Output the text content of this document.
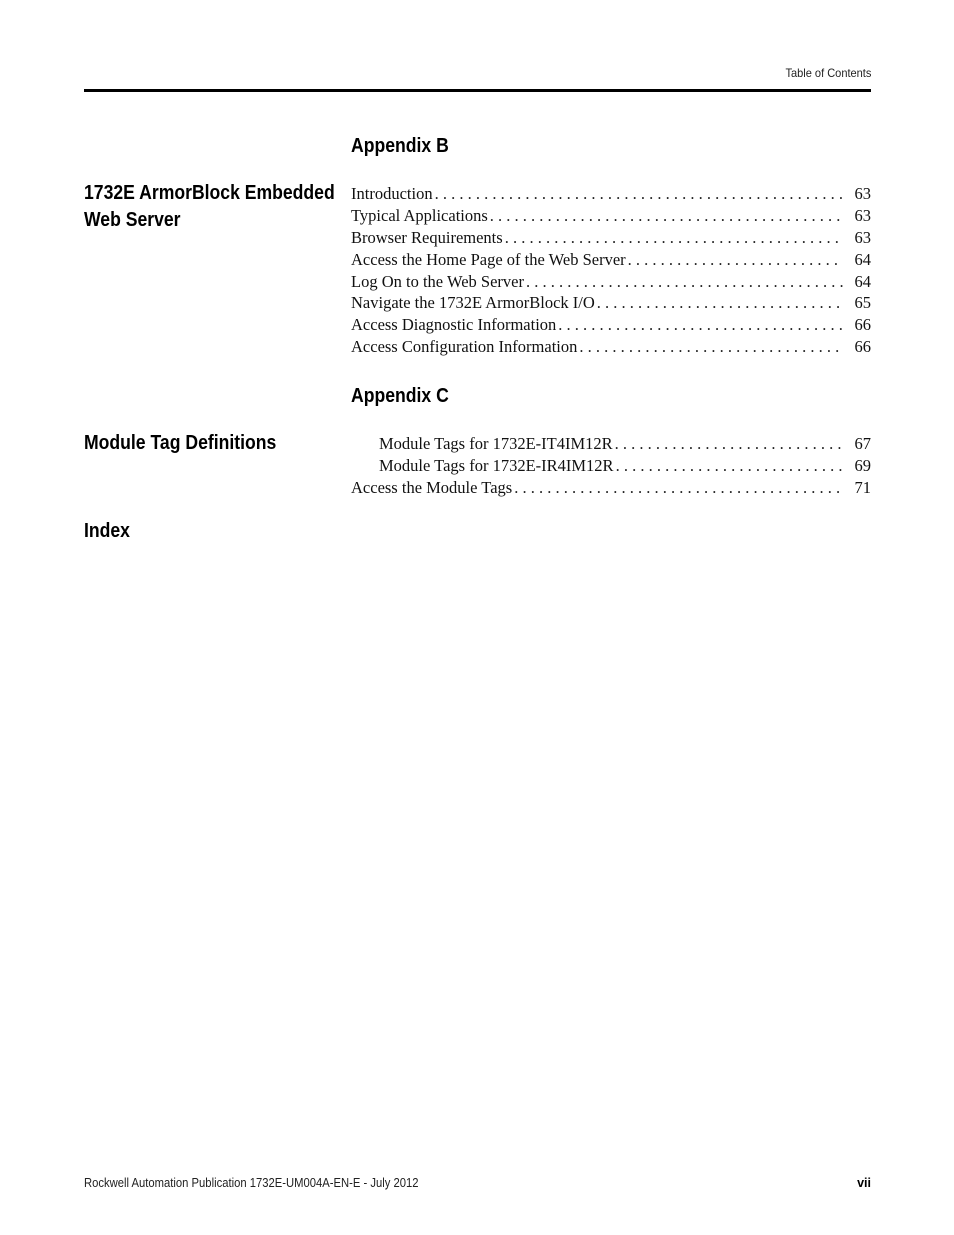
Table of Contents
Appendix B
1732E ArmorBlock Embedded
Web Server
Introduction . . .	63
Typical Applications . . .	63
Browser Requirements . . .	63
Access the Home Page of the Web Server . . .	64
Log On to the Web Server . . .	64
Navigate the 1732E ArmorBlock I/O . . .	65
Access Diagnostic Information . . .	66
Access Configuration Information . . .	66
Appendix C
Module Tag Definitions	Module Tags for 1732E-IT4IM12R . . .	67
Module Tags for 1732E-IR4IM12R . . .	69
Access the Module Tags . . .	71
Index
Rockwell Automation Publication 1732E-UM004A-EN-E - July 2012	vii
